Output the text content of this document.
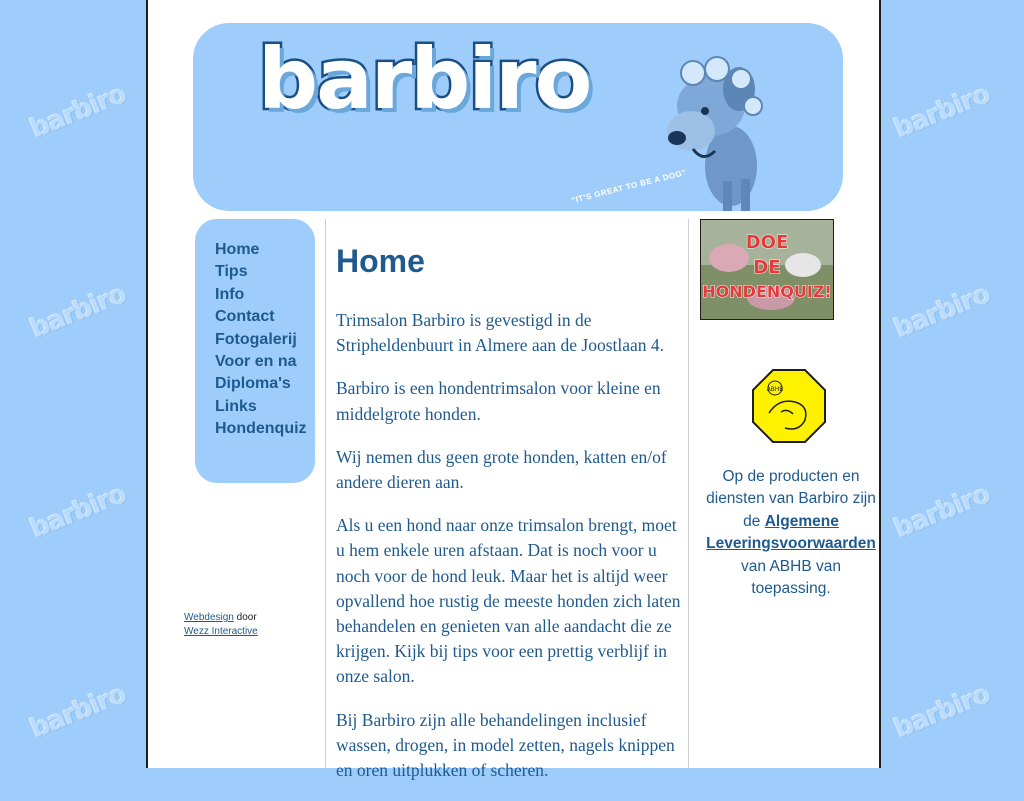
barbiro
barbiro
barbiro
barbiro
barbiro
barbiro
barbiro
barbiro
barbiro
"IT'S GREAT TO BE A DOG"
Home
Tips
Info
Contact
Fotogalerij
Voor en na
Diploma's
Links
Hondenquiz
Webdesign door
Wezz Interactive
Home

Trimsalon Barbiro is gevestigd in de Stripheldenbuurt in Almere aan de Joostlaan 4.

Barbiro is een hondentrimsalon voor kleine en middelgrote honden.

Wij nemen dus geen grote honden, katten en/of andere dieren aan.

Als u een hond naar onze trimsalon brengt, moet u hem enkele uren afstaan. Dat is noch voor u noch voor de hond leuk. Maar het is altijd weer opvallend hoe rustig de meeste honden zich laten behandelen en genieten van alle aandacht die ze krijgen. Kijk bij tips voor een prettig verblijf in onze salon.

Bij Barbiro zijn alle behandelingen inclusief wassen, drogen, in model zetten, nagels knippen en oren uitplukken of scheren.

DOE
DE
HONDENQUIZ!
ABHB
Op de producten en diensten van Barbiro zijn de Algemene Leveringsvoorwaarden van ABHB van toepassing.
